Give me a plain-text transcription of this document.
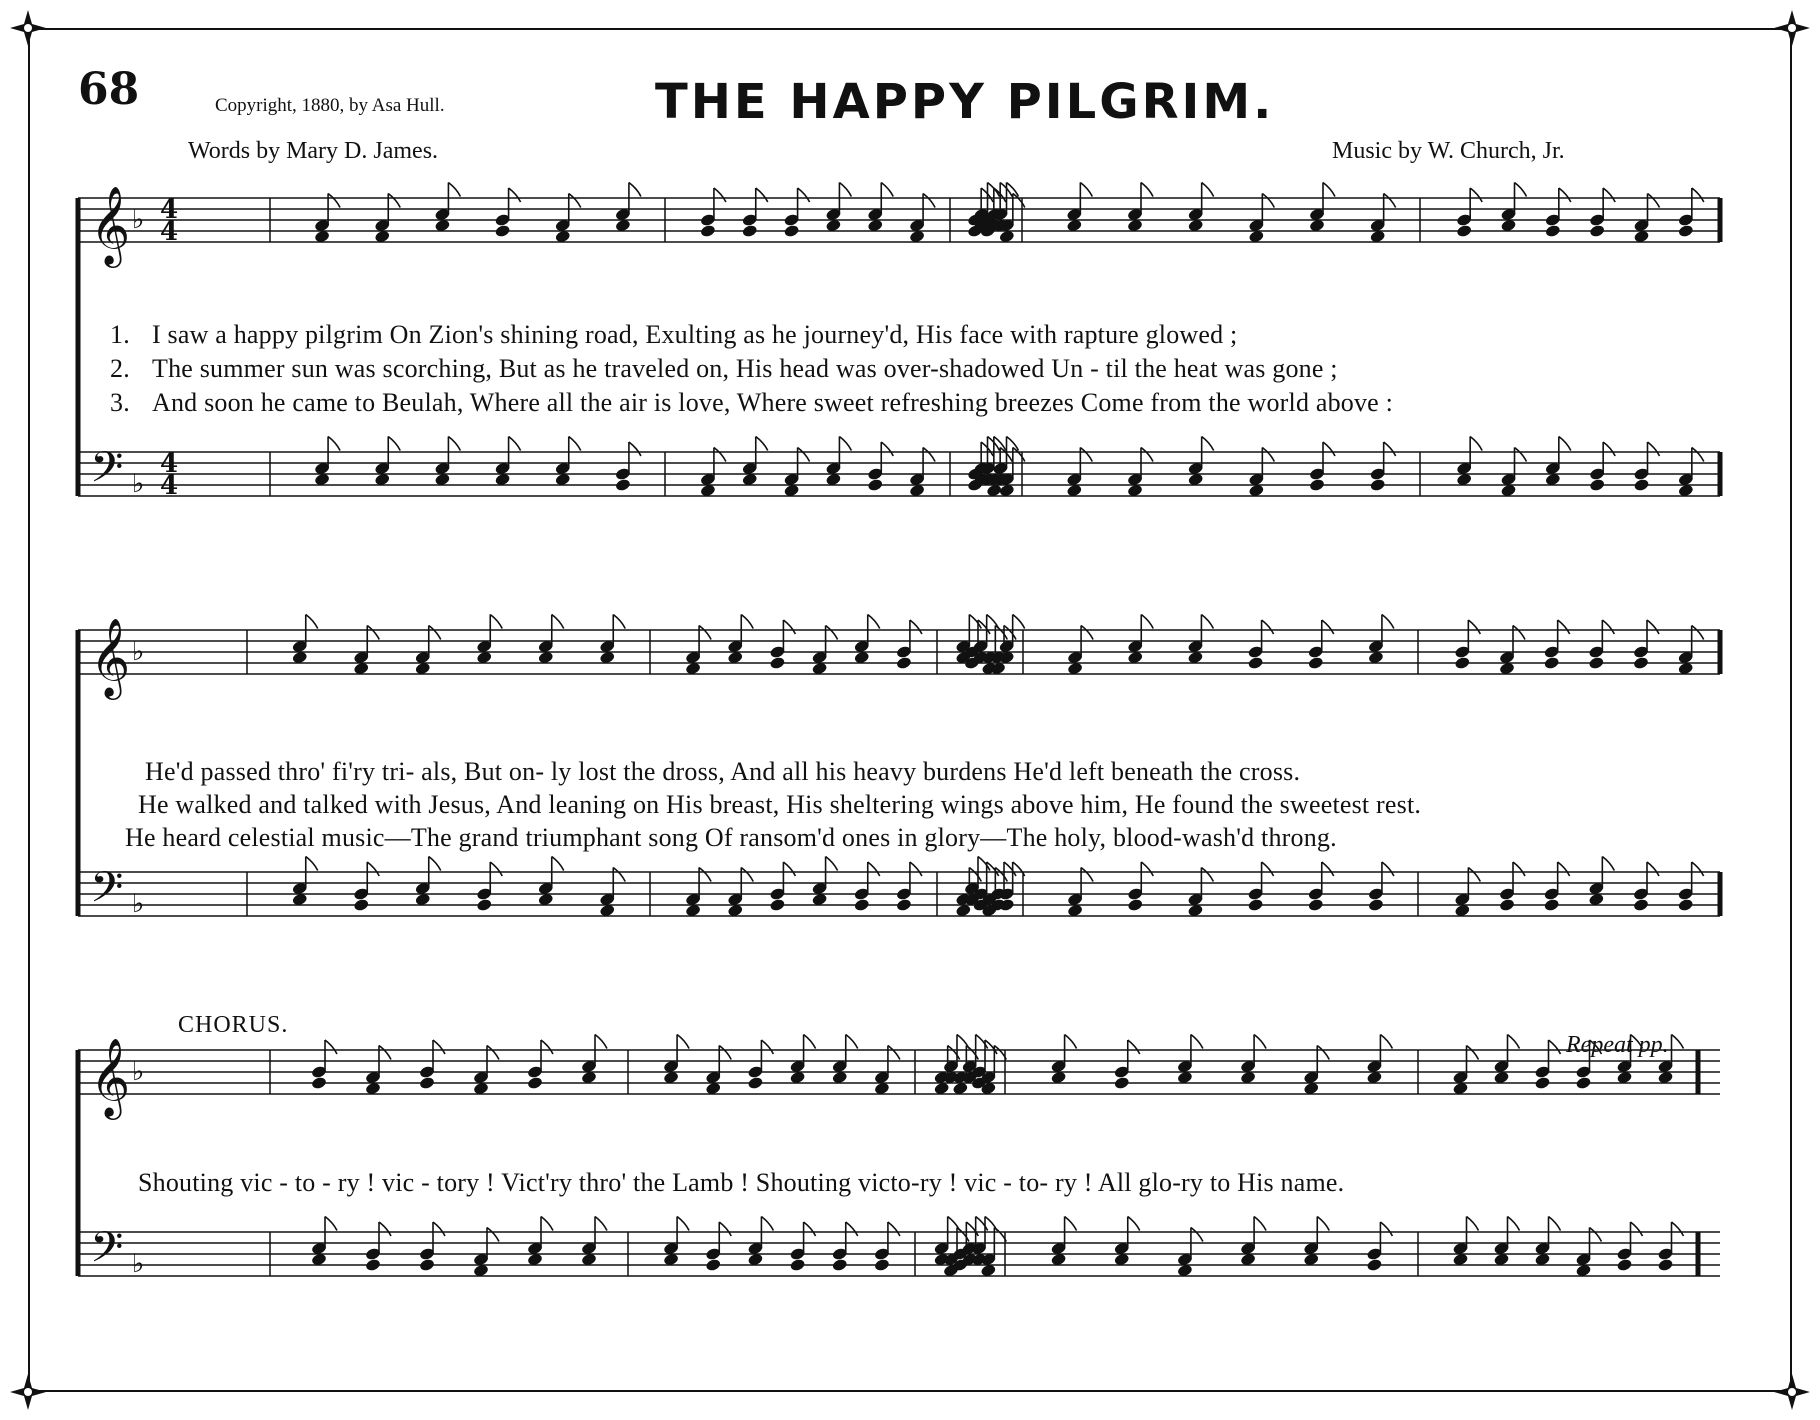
68	Copyright, 1880, by Asa Hull.	THE HAPPY PILGRIM.
Words by Mary D. James.	Music by W. Church, Jr.
𝄞
𝄢
♭
♭
4
4
4
4
𝄞
𝄢
♭
♭
𝄞
𝄢
♭
♭
1. I saw a happy pilgrim On Zion's shining road, Exulting as he journey'd, His face with rapture glowed ;
2. The summer sun was scorching, But as he traveled on, His head was over-shadowed Un - til the heat was gone ;
3. And soon he came to Beulah, Where all the air is love, Where sweet refreshing breezes Come from the world above :
He'd passed thro' fi'ry tri- als, But on- ly lost the dross, And all his heavy burdens He'd left beneath the cross.
He walked and talked with Jesus, And leaning on His breast, His sheltering wings above him, He found the sweetest rest.
He heard celestial music—The grand triumphant song Of ransom'd ones in glory—The holy, blood-wash'd throng.
CHORUS.
Repeat pp.
Shouting vic - to - ry ! vic - tory ! Vict'ry thro' the Lamb ! Shouting victo-ry ! vic - to- ry ! All glo-ry to His name.
